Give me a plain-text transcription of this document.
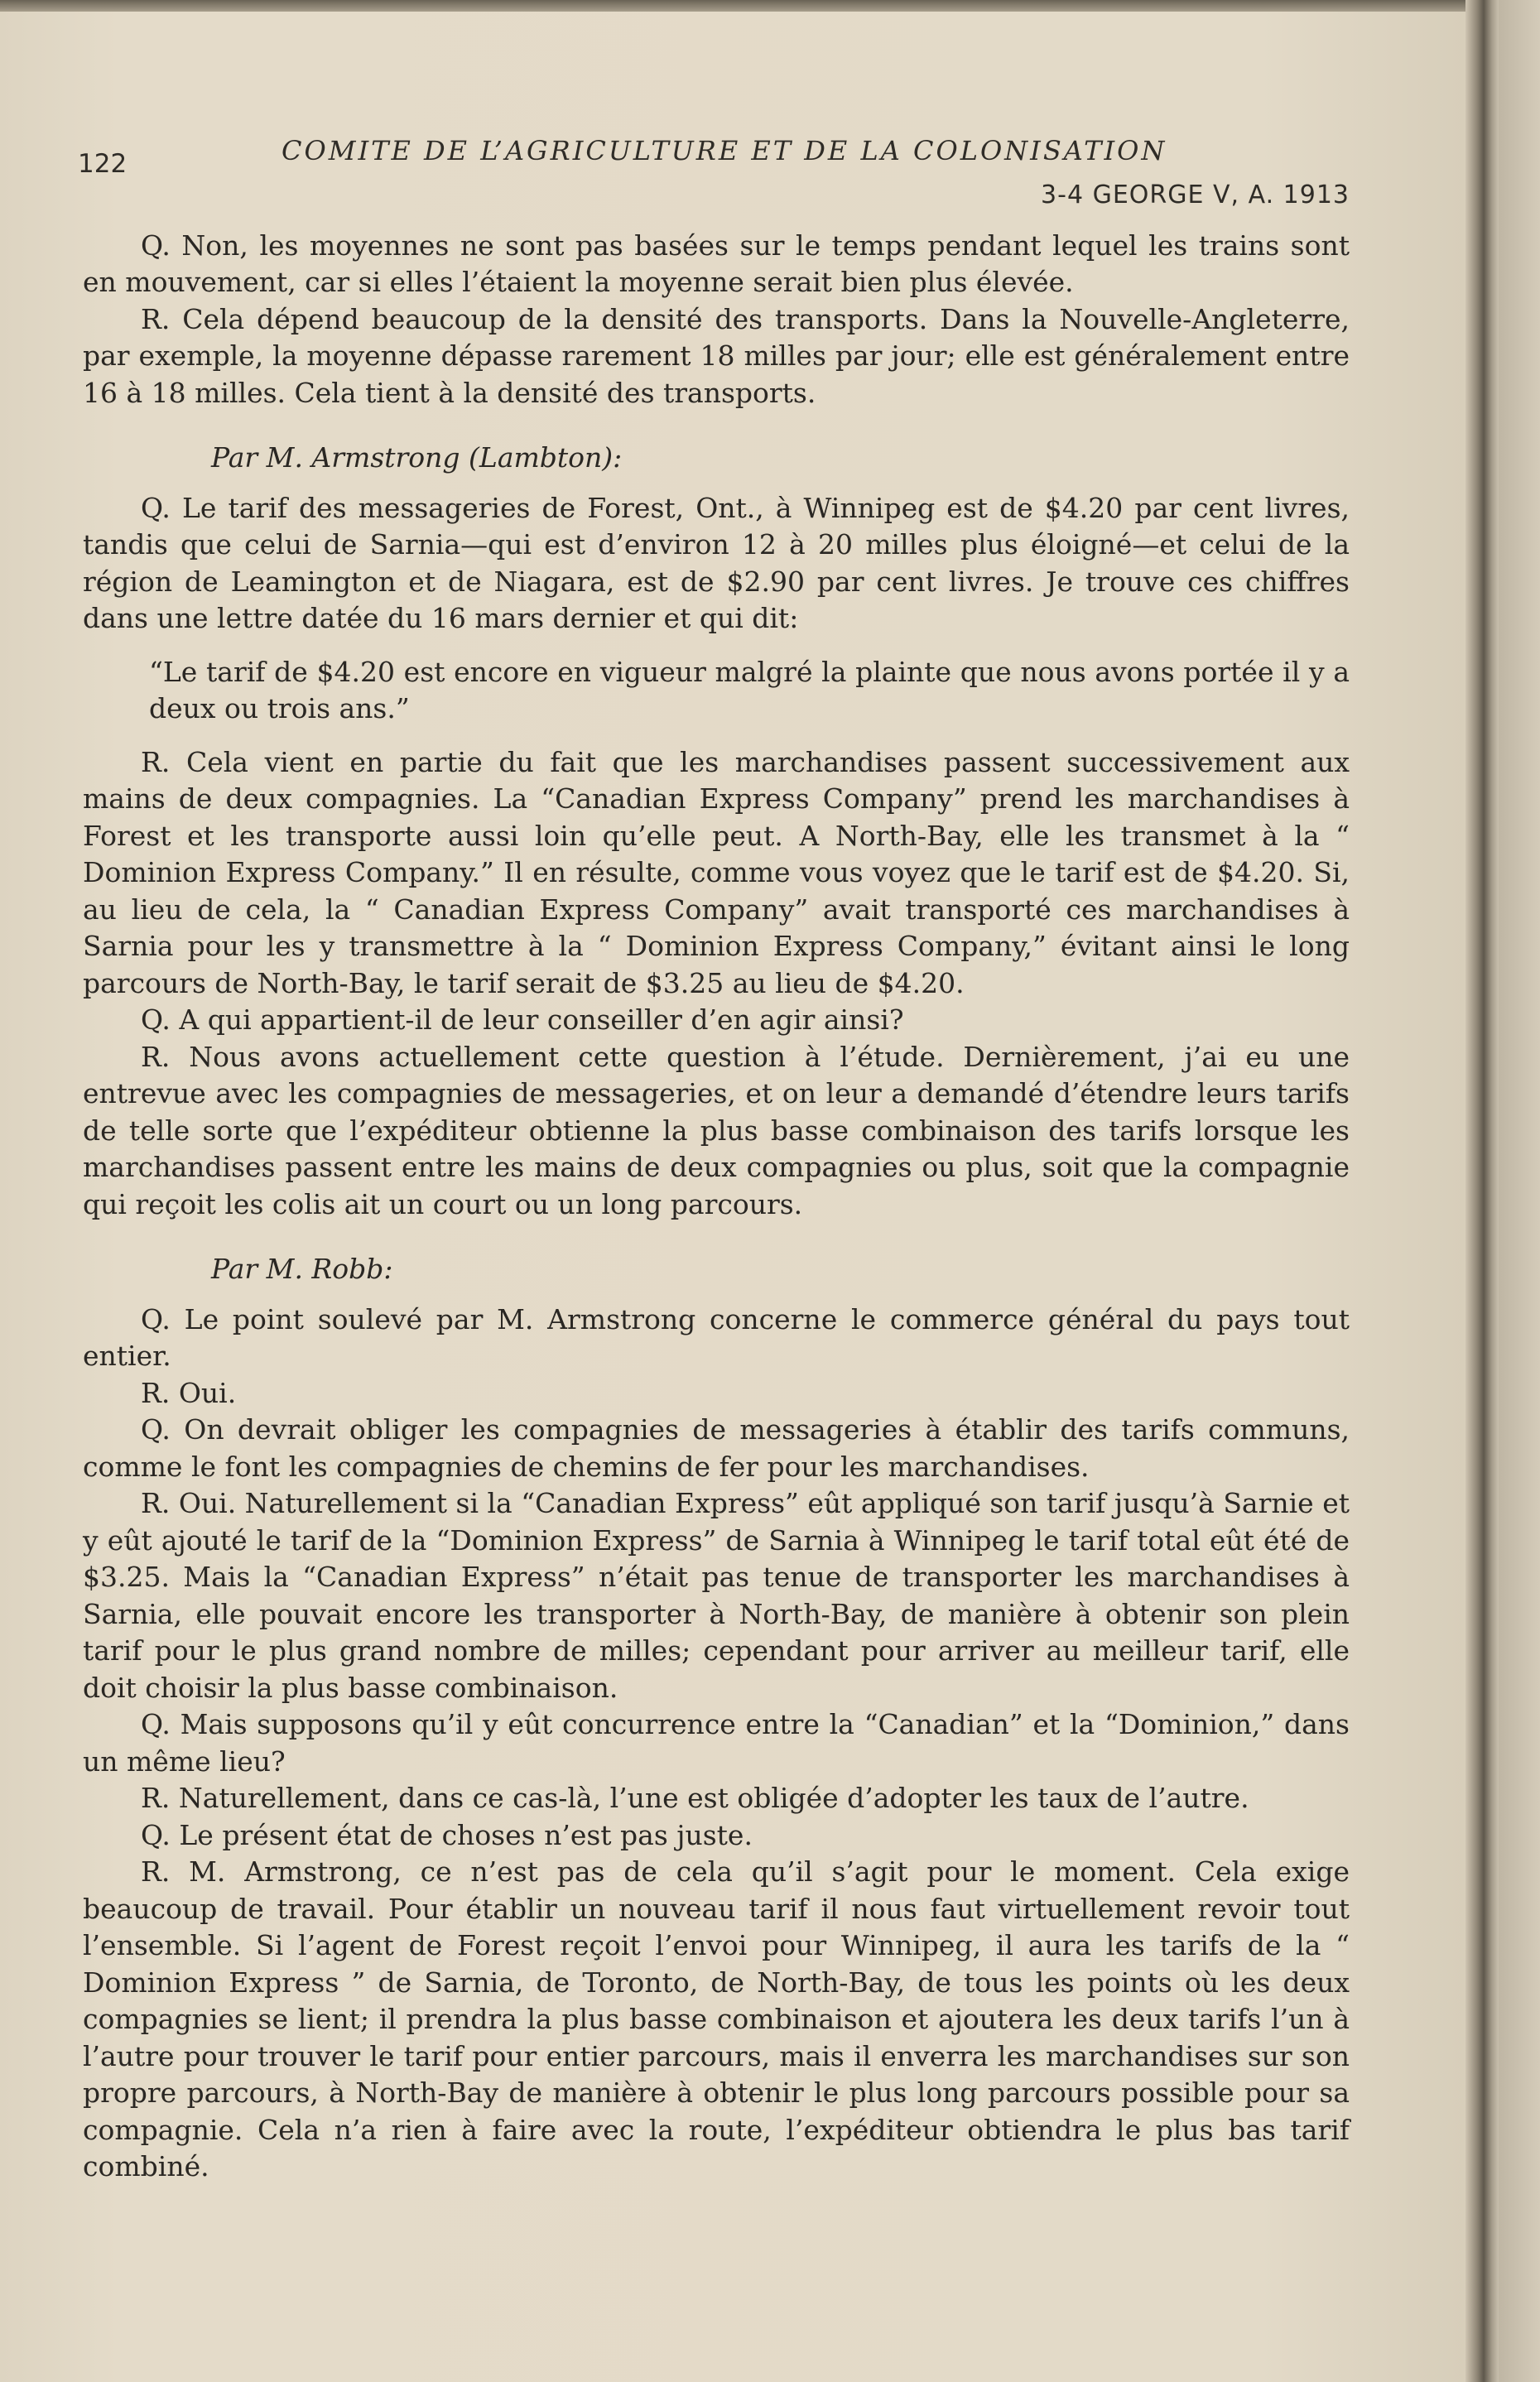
122	COMITE DE L’AGRICULTURE ET DE LA COLONISATION
3-4 GEORGE V, A. 1913

Q. Non, les moyennes ne sont pas basées sur le temps pendant lequel les trains sont en mouvement, car si elles l’étaient la moyenne serait bien plus élevée.

R. Cela dépend beaucoup de la densité des transports. Dans la Nouvelle-Angleterre, par exemple, la moyenne dépasse rarement 18 milles par jour; elle est généralement entre 16 à 18 milles. Cela tient à la densité des transports.

Par M. Armstrong (Lambton):

Q. Le tarif des messageries de Forest, Ont., à Winnipeg est de $4.20 par cent livres, tandis que celui de Sarnia—qui est d’environ 12 à 20 milles plus éloigné—et celui de la région de Leamington et de Niagara, est de $2.90 par cent livres. Je trouve ces chiffres dans une lettre datée du 16 mars dernier et qui dit:

“Le tarif de $4.20 est encore en vigueur malgré la plainte que nous avons portée il y a deux ou trois ans.”

R. Cela vient en partie du fait que les marchandises passent successivement aux mains de deux compagnies. La “Canadian Express Company” prend les marchandises à Forest et les transporte aussi loin qu’elle peut. A North-Bay, elle les transmet à la “ Dominion Express Company.” Il en résulte, comme vous voyez que le tarif est de $4.20. Si, au lieu de cela, la “ Canadian Express Company” avait transporté ces marchandises à Sarnia pour les y transmettre à la “ Dominion Express Company,” évitant ainsi le long parcours de North-Bay, le tarif serait de $3.25 au lieu de $4.20.

Q. A qui appartient-il de leur conseiller d’en agir ainsi?

R. Nous avons actuellement cette question à l’étude. Dernièrement, j’ai eu une entrevue avec les compagnies de messageries, et on leur a demandé d’étendre leurs tarifs de telle sorte que l’expéditeur obtienne la plus basse combinaison des tarifs lorsque les marchandises passent entre les mains de deux compagnies ou plus, soit que la compagnie qui reçoit les colis ait un court ou un long parcours.

Par M. Robb:

Q. Le point soulevé par M. Armstrong concerne le commerce général du pays tout entier.

R. Oui.

Q. On devrait obliger les compagnies de messageries à établir des tarifs communs, comme le font les compagnies de chemins de fer pour les marchandises.

R. Oui. Naturellement si la “Canadian Express” eût appliqué son tarif jusqu’à Sarnie et y eût ajouté le tarif de la “Dominion Express” de Sarnia à Winnipeg le tarif total eût été de $3.25. Mais la “Canadian Express” n’était pas tenue de transporter les marchandises à Sarnia, elle pouvait encore les transporter à North-Bay, de manière à obtenir son plein tarif pour le plus grand nombre de milles; cependant pour arriver au meilleur tarif, elle doit choisir la plus basse combinaison.

Q. Mais supposons qu’il y eût concurrence entre la “Canadian” et la “Dominion,” dans un même lieu?

R. Naturellement, dans ce cas-là, l’une est obligée d’adopter les taux de l’autre.

Q. Le présent état de choses n’est pas juste.

R. M. Armstrong, ce n’est pas de cela qu’il s’agit pour le moment. Cela exige beaucoup de travail. Pour établir un nouveau tarif il nous faut virtuellement revoir tout l’ensemble. Si l’agent de Forest reçoit l’envoi pour Winnipeg, il aura les tarifs de la “ Dominion Express ” de Sarnia, de Toronto, de North-Bay, de tous les points où les deux compagnies se lient; il prendra la plus basse combinaison et ajoutera les deux tarifs l’un à l’autre pour trouver le tarif pour entier parcours, mais il enverra les marchandises sur son propre parcours, à North-Bay de manière à obtenir le plus long parcours possible pour sa compagnie. Cela n’a rien à faire avec la route, l’expéditeur obtiendra le plus bas tarif combiné.
